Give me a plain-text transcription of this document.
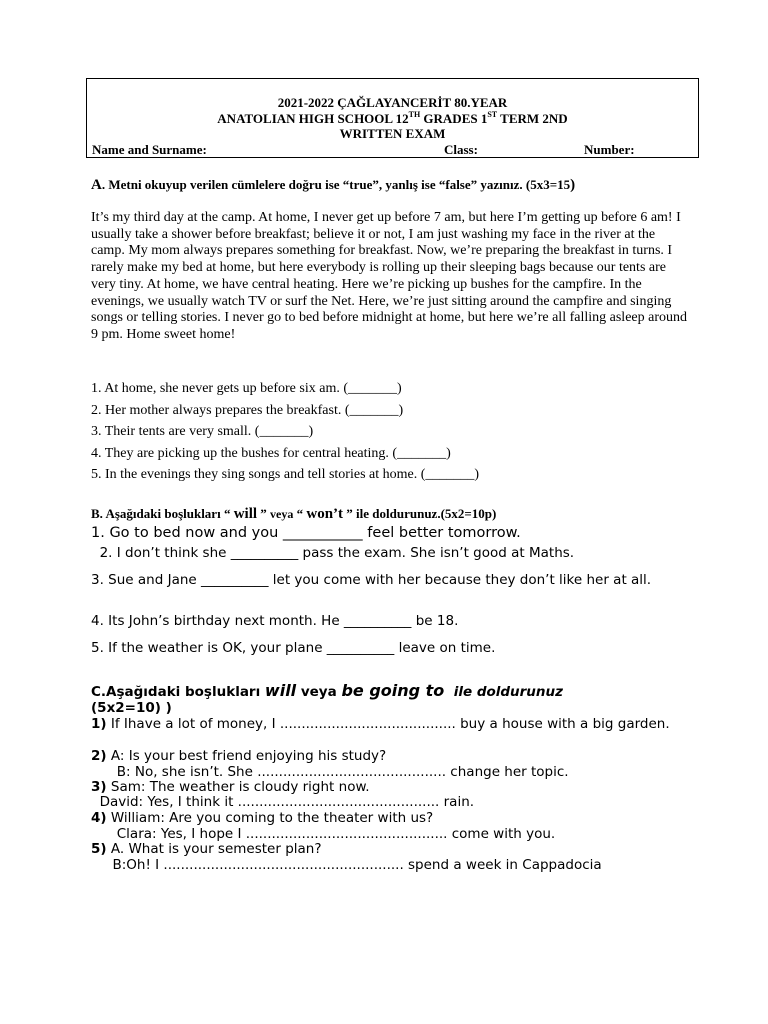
2021-2022 ÇAĞLAYANCERİT 80.YEAR
ANATOLIAN HIGH SCHOOL 12TH GRADES 1ST TERM 2ND
WRITTEN EXAM
Name and Surname:	Class:	Number:
A. Metni okuyup verilen cümlelere doğru ise “true”, yanlış ise “false” yazınız. (5x3=15)
It’s my third day at the camp. At home, I never get up before 7 am, but here I’m getting up before 6 am! I usually take a shower before breakfast; believe it or not, I am just washing my face in the river at the camp. My mom always prepares something for breakfast. Now, we’re preparing the breakfast in turns. I rarely make my bed at home, but here everybody is rolling up their sleeping bags because our tents are very tiny. At home, we have central heating. Here we’re picking up bushes for the campfire. In the evenings, we usually watch TV or surf the Net. Here, we’re just sitting around the campfire and singing songs or telling stories. I never go to bed before midnight at home, but here we’re all falling asleep around 9 pm. Home sweet home!
1. At home, she never gets up before six am. (_______)
2. Her mother always prepares the breakfast. (_______)
3. Their tents are very small. (_______)
4. They are picking up the bushes for central heating. (_______)
5. In the evenings they sing songs and tell stories at home. (_______)
B. Aşağıdaki boşlukları “ will ” veya “ won’t ” ile doldurunuz.(5x2=10p)
1. Go to bed now and you ___________ feel better tomorrow.
2. I don’t think she __________ pass the exam. She isn’t good at Maths.
3. Sue and Jane __________ let you come with her because they don’t like her at all.
4. Its John’s birthday next month. He __________ be 18.
5. If the weather is OK, your plane __________ leave on time.
C.Aşağıdaki boşlukları will veya be going to ile doldurunuz
(5x2=10) )
1) If Ihave a lot of money, I ......................................... buy a house with a big garden.
2) A: Is your best friend enjoying his study?
B: No, she isn’t. She ............................................ change her topic.
3) Sam: The weather is cloudy right now.
David: Yes, I think it ............................................... rain.
4) William: Are you coming to the theater with us?
Clara: Yes, I hope I ............................................... come with you.
5) A. What is your semester plan?
B:Oh! I ........................................................ spend a week in Cappadocia
